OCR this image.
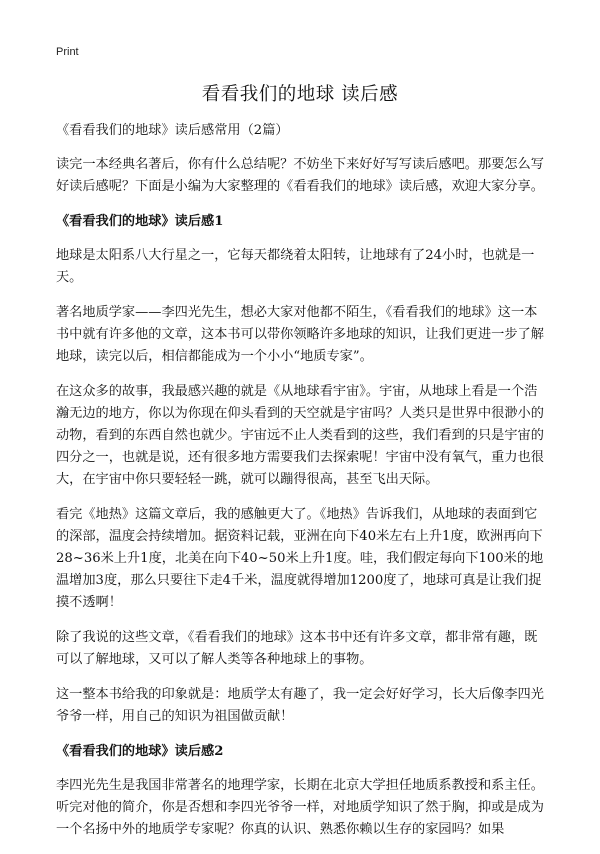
Print
看看我们的地球 读后感

《看看我们的地球》读后感常用（2篇）

读完一本经典名著后，你有什么总结呢？不妨坐下来好好写写读后感吧。那要怎么写好读后感呢？下面是小编为大家整理的《看看我们的地球》读后感，欢迎大家分享。

《看看我们的地球》读后感1

地球是太阳系八大行星之一，它每天都绕着太阳转，让地球有了24小时，也就是一天。

著名地质学家——李四光先生，想必大家对他都不陌生，《看看我们的地球》这一本书中就有许多他的文章，这本书可以带你领略许多地球的知识，让我们更进一步了解地球，读完以后，相信都能成为一个小小“地质专家”。

在这众多的故事，我最感兴趣的就是《从地球看宇宙》。宇宙，从地球上看是一个浩瀚无边的地方，你以为你现在仰头看到的天空就是宇宙吗？人类只是世界中很渺小的动物，看到的东西自然也就少。宇宙远不止人类看到的这些，我们看到的只是宇宙的四分之一，也就是说，还有很多地方需要我们去探索呢！宇宙中没有氧气，重力也很大，在宇宙中你只要轻轻一跳，就可以蹦得很高，甚至飞出天际。

看完《地热》这篇文章后，我的感触更大了。《地热》告诉我们，从地球的表面到它的深部，温度会持续增加。据资料记载，亚洲在向下40米左右上升1度，欧洲再向下28~36米上升1度，北美在向下40~50米上升1度。哇，我们假定每向下100米的地温增加3度，那么只要往下走4千米，温度就得增加1200度了，地球可真是让我们捉摸不透啊！

除了我说的这些文章，《看看我们的地球》这本书中还有许多文章，都非常有趣，既可以了解地球，又可以了解人类等各种地球上的事物。

这一整本书给我的印象就是：地质学太有趣了，我一定会好好学习，长大后像李四光爷爷一样，用自己的知识为祖国做贡献！

《看看我们的地球》读后感2

李四光先生是我国非常著名的地理学家，长期在北京大学担任地质系教授和系主任。听完对他的简介，你是否想和李四光爷爷一样，对地质学知识了然于胸，抑或是成为一个名扬中外的地质学专家呢？你真的认识、熟悉你赖以生存的家园吗？如果
